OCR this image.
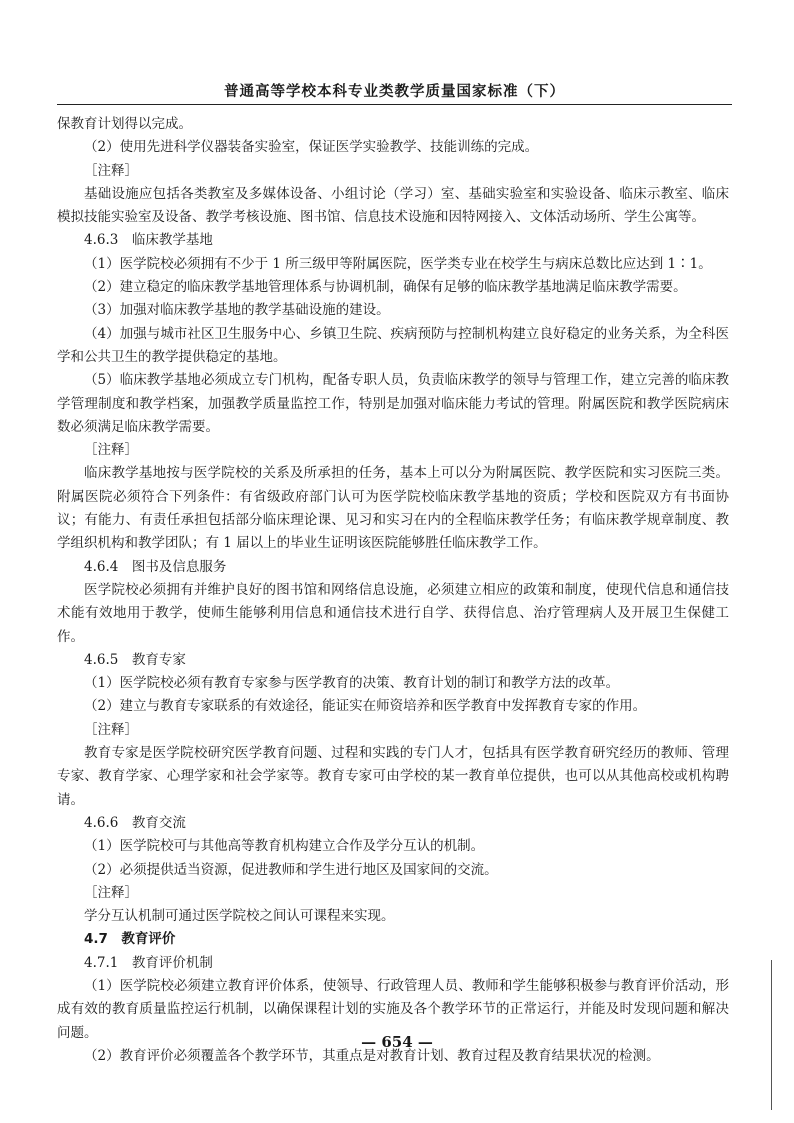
普通高等学校本科专业类教学质量国家标准（下）

保教育计划得以完成。

（2）使用先进科学仪器装备实验室，保证医学实验教学、技能训练的完成。

［注释］

基础设施应包括各类教室及多媒体设备、小组讨论（学习）室、基础实验室和实验设备、临床示教室、临床模拟技能实验室及设备、教学考核设施、图书馆、信息技术设施和因特网接入、文体活动场所、学生公寓等。

4.6.3　临床教学基地

（1）医学院校必须拥有不少于 1 所三级甲等附属医院，医学类专业在校学生与病床总数比应达到 1∶1。

（2）建立稳定的临床教学基地管理体系与协调机制，确保有足够的临床教学基地满足临床教学需要。

（3）加强对临床教学基地的教学基础设施的建设。

（4）加强与城市社区卫生服务中心、乡镇卫生院、疾病预防与控制机构建立良好稳定的业务关系，为全科医学和公共卫生的教学提供稳定的基地。

（5）临床教学基地必须成立专门机构，配备专职人员，负责临床教学的领导与管理工作，建立完善的临床教学管理制度和教学档案，加强教学质量监控工作，特别是加强对临床能力考试的管理。附属医院和教学医院病床数必须满足临床教学需要。

［注释］

临床教学基地按与医学院校的关系及所承担的任务，基本上可以分为附属医院、教学医院和实习医院三类。附属医院必须符合下列条件：有省级政府部门认可为医学院校临床教学基地的资质；学校和医院双方有书面协议；有能力、有责任承担包括部分临床理论课、见习和实习在内的全程临床教学任务；有临床教学规章制度、教学组织机构和教学团队；有 1 届以上的毕业生证明该医院能够胜任临床教学工作。

4.6.4　图书及信息服务

医学院校必须拥有并维护良好的图书馆和网络信息设施，必须建立相应的政策和制度，使现代信息和通信技术能有效地用于教学，使师生能够利用信息和通信技术进行自学、获得信息、治疗管理病人及开展卫生保健工作。

4.6.5　教育专家

（1）医学院校必须有教育专家参与医学教育的决策、教育计划的制订和教学方法的改革。

（2）建立与教育专家联系的有效途径，能证实在师资培养和医学教育中发挥教育专家的作用。

［注释］

教育专家是医学院校研究医学教育问题、过程和实践的专门人才，包括具有医学教育研究经历的教师、管理专家、教育学家、心理学家和社会学家等。教育专家可由学校的某一教育单位提供，也可以从其他高校或机构聘请。

4.6.6　教育交流

（1）医学院校可与其他高等教育机构建立合作及学分互认的机制。

（2）必须提供适当资源，促进教师和学生进行地区及国家间的交流。

［注释］

学分互认机制可通过医学院校之间认可课程来实现。

4.7　教育评价

4.7.1　教育评价机制

（1）医学院校必须建立教育评价体系，使领导、行政管理人员、教师和学生能够积极参与教育评价活动，形成有效的教育质量监控运行机制，以确保课程计划的实施及各个教学环节的正常运行，并能及时发现问题和解决问题。

（2）教育评价必须覆盖各个教学环节，其重点是对教育计划、教育过程及教育结果状况的检测。

— 654 —
